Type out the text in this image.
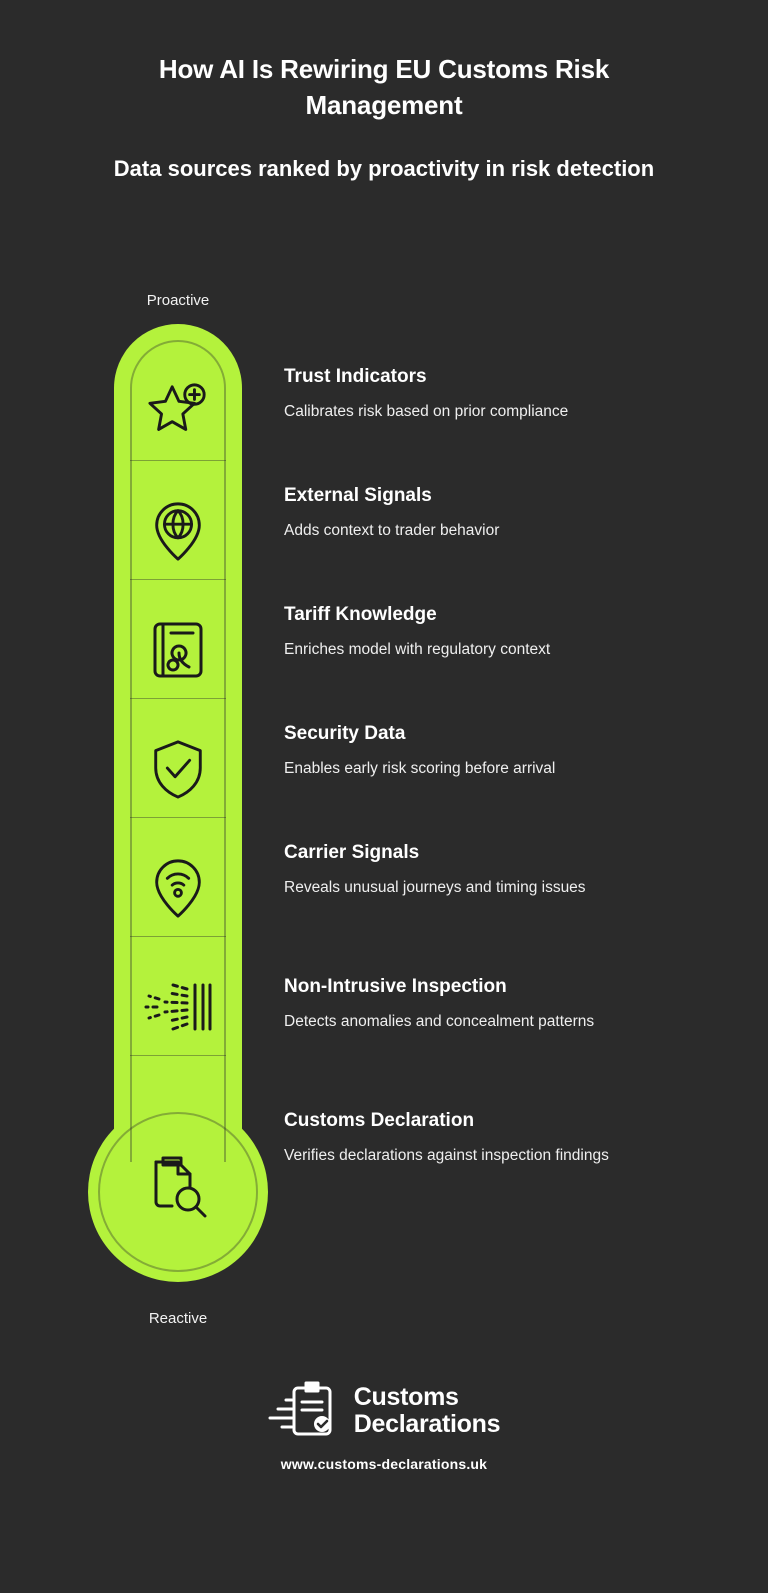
How AI Is Rewiring EU Customs Risk Management
Data sources ranked by proactivity in risk detection
Proactive
Reactive

Trust Indicators

Calibrates risk based on prior compliance

External Signals

Adds context to trader behavior

Tariff Knowledge

Enriches model with regulatory context

Security Data

Enables early risk scoring before arrival

Carrier Signals

Reveals unusual journeys and timing issues

Non-Intrusive Inspection

Detects anomalies and concealment patterns

Customs Declaration

Verifies declarations against inspection findings

Customs
Declarations
www.customs-declarations.uk
